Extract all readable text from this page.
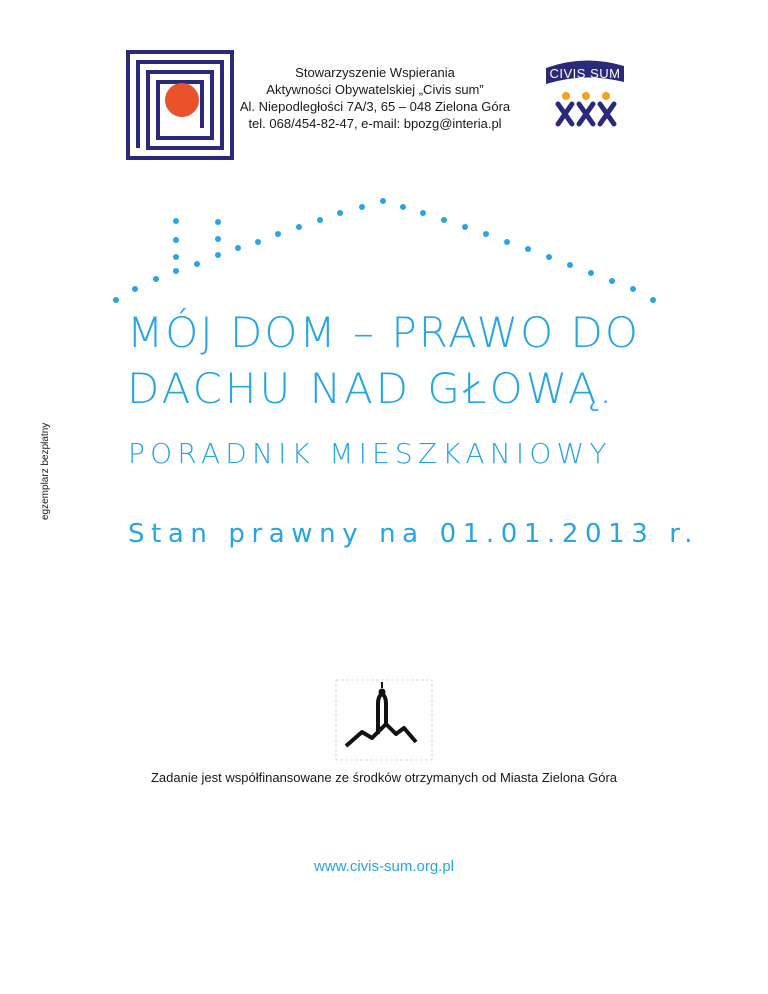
Stowarzyszenie Wspierania
Aktywności Obywatelskiej „Civis sum”
Al. Niepodległości 7A/3, 65 – 048 Zielona Góra
tel. 068/454-82-47, e-mail: bpozg@interia.pl
CIVIS SUM
MÓJ DOM – PRAWO DO
DACHU NAD GŁOWĄ.
PORADNIK MIESZKANIOWY
Stan prawny na 01.01.2013 r.
egzemplarz bezpłatny
Zadanie jest współfinansowane ze środków otrzymanych od Miasta Zielona Góra
www.civis-sum.org.pl
